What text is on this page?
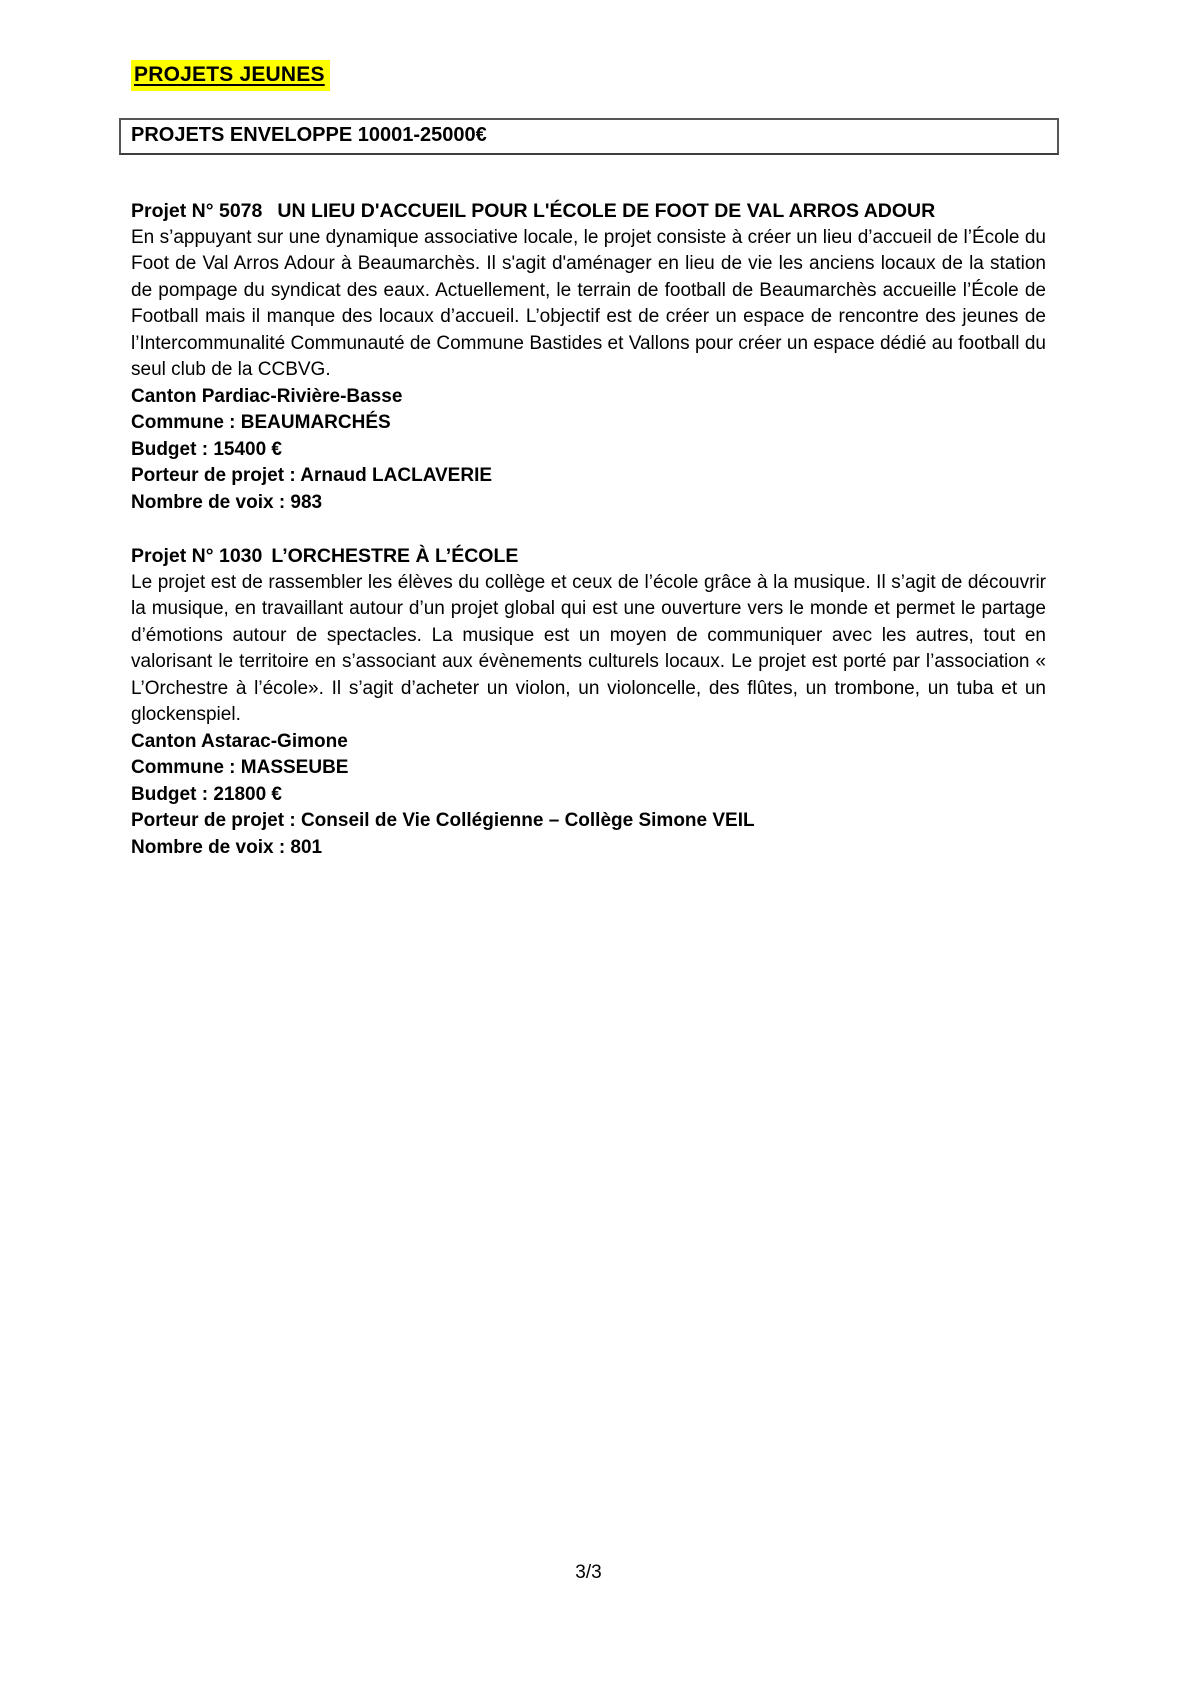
PROJETS JEUNES
PROJETS ENVELOPPE 10001-25000€
Projet N° 5078 UN LIEU D'ACCUEIL POUR L'ÉCOLE DE FOOT DE VAL ARROS ADOUR
En s’appuyant sur une dynamique associative locale, le projet consiste à créer un lieu d’accueil de l’École du Foot de Val Arros Adour à Beaumarchès. Il s'agit d'aménager en lieu de vie les anciens locaux de la station de pompage du syndicat des eaux. Actuellement, le terrain de football de Beaumarchès accueille l’École de Football mais il manque des locaux d’accueil. L’objectif est de créer un espace de rencontre des jeunes de l’Intercommunalité Communauté de Commune Bastides et Vallons pour créer un espace dédié au football du seul club de la CCBVG.
Canton Pardiac-Rivière-Basse
Commune : BEAUMARCHÉS
Budget : 15400 €
Porteur de projet : Arnaud LACLAVERIE
Nombre de voix : 983
Projet N° 1030 L’ORCHESTRE À L’ÉCOLE
Le projet est de rassembler les élèves du collège et ceux de l’école grâce à la musique. Il s’agit de découvrir la musique, en travaillant autour d’un projet global qui est une ouverture vers le monde et permet le partage d’émotions autour de spectacles. La musique est un moyen de communiquer avec les autres, tout en valorisant le territoire en s’associant aux évènements culturels locaux. Le projet est porté par l’association « L’Orchestre à l’école». Il s’agit d’acheter un violon, un violoncelle, des flûtes, un trombone, un tuba et un glockenspiel.
Canton Astarac-Gimone
Commune : MASSEUBE
Budget : 21800 €
Porteur de projet : Conseil de Vie Collégienne – Collège Simone VEIL
Nombre de voix : 801
3/3
